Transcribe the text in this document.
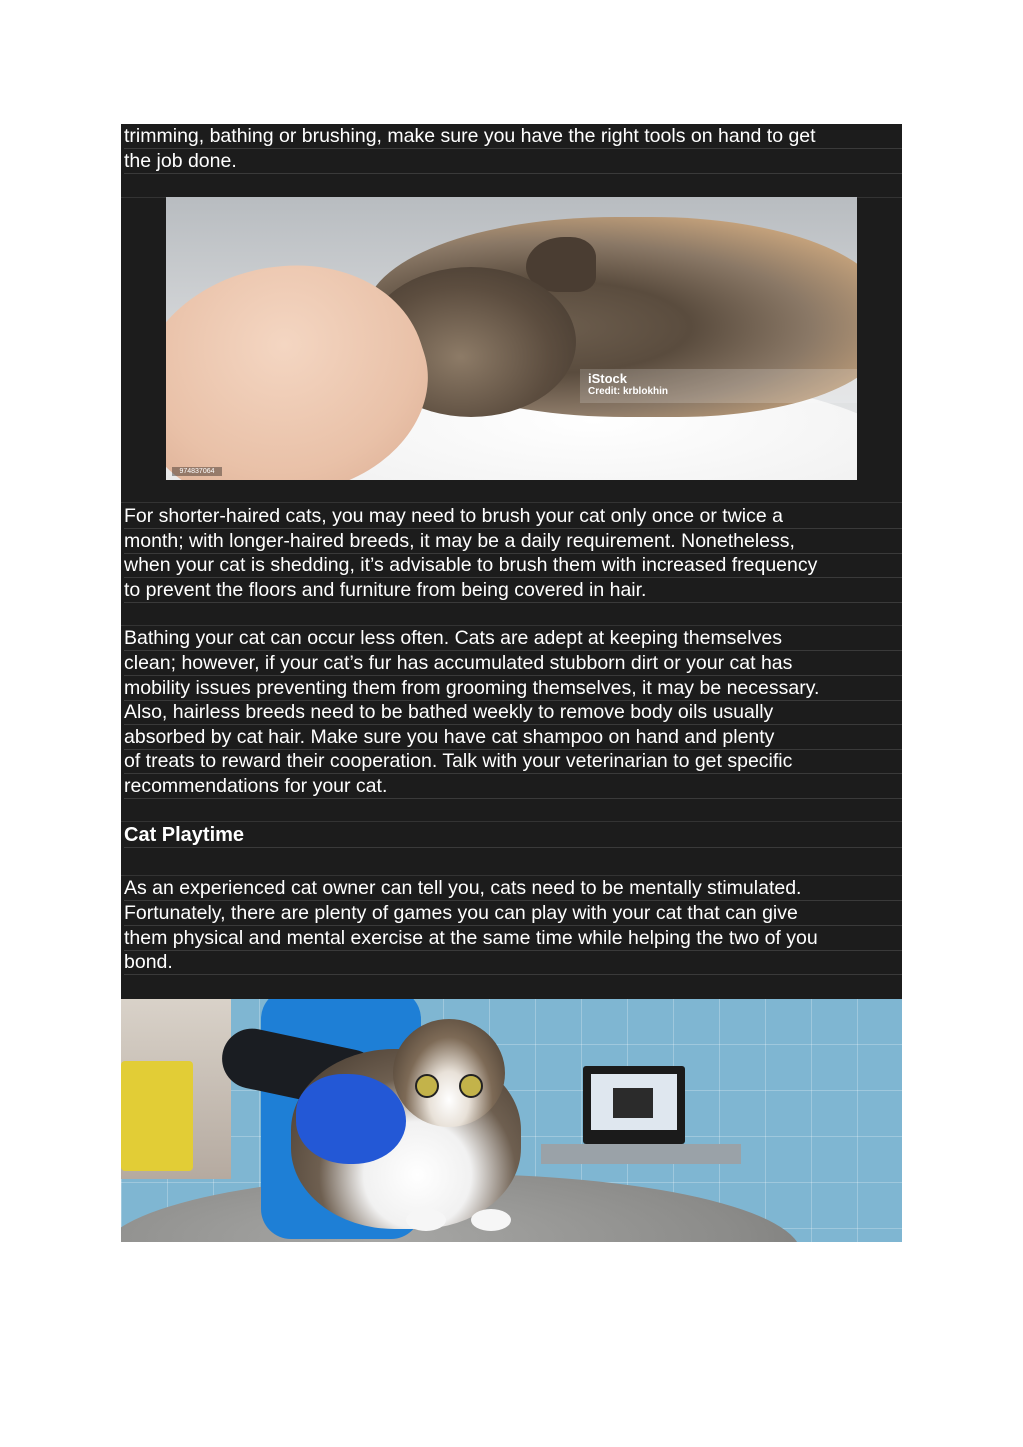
trimming, bathing or brushing, make sure you have the right tools on hand to get
the job done.
iStock
Credit: krblokhin
974837064
For shorter-haired cats, you may need to brush your cat only once or twice a
month; with longer-haired breeds, it may be a daily requirement. Nonetheless,
when your cat is shedding, it’s advisable to brush them with increased frequency
to prevent the floors and furniture from being covered in hair.
Bathing your cat can occur less often. Cats are adept at keeping themselves
clean; however, if your cat’s fur has accumulated stubborn dirt or your cat has
mobility issues preventing them from grooming themselves, it may be necessary.
Also, hairless breeds need to be bathed weekly to remove body oils usually
absorbed by cat hair. Make sure you have cat shampoo on hand and plenty
of treats to reward their cooperation. Talk with your veterinarian to get specific
recommendations for your cat.
Cat Playtime
As an experienced cat owner can tell you, cats need to be mentally stimulated.
Fortunately, there are plenty of games you can play with your cat that can give
them physical and mental exercise at the same time while helping the two of you
bond.
